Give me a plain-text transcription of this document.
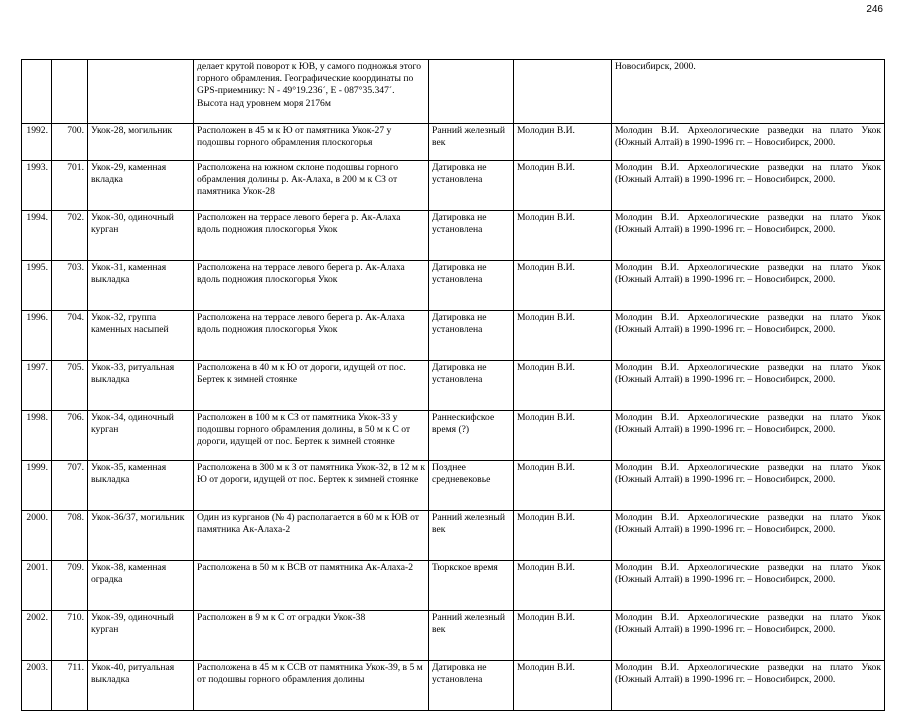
246
			делает крутой поворот к ЮВ, у самого подножья этого горного обрамления. Географические координаты по GPS-приемнику: N - 49°19.236´, E - 087°35.347´. Высота над уровнем моря 2176м			Новосибирск, 2000.
1992.	700.	Укок-28, могильник	Расположен в 45 м к Ю от памятника Укок-27 у подошвы горного обрамления плоскогорья	Ранний железный век	Молодин В.И.	Молодин В.И. Археологические разведки на плато Укок (Южный Алтай) в 1990-1996 гг. – Новосибирск, 2000.
1993.	701.	Укок-29, каменная вкладка	Расположена на южном склоне подошвы горного обрамления долины р. Ак-Алаха, в 200 м к СЗ от памятника Укок-28	Датировка не установлена	Молодин В.И.	Молодин В.И. Археологические разведки на плато Укок (Южный Алтай) в 1990-1996 гг. – Новосибирск, 2000.
1994.	702.	Укок-30, одиночный курган	Расположен на террасе левого берега р. Ак-Алаха вдоль подножия плоскогорья Укок	Датировка не установлена	Молодин В.И.	Молодин В.И. Археологические разведки на плато Укок (Южный Алтай) в 1990-1996 гг. – Новосибирск, 2000.
1995.	703.	Укок-31, каменная выкладка	Расположена на террасе левого берега р. Ак-Алаха вдоль подножия плоскогорья Укок	Датировка не установлена	Молодин В.И.	Молодин В.И. Археологические разведки на плато Укок (Южный Алтай) в 1990-1996 гг. – Новосибирск, 2000.
1996.	704.	Укок-32, группа каменных насыпей	Расположена на террасе левого берега р. Ак-Алаха вдоль подножия плоскогорья Укок	Датировка не установлена	Молодин В.И.	Молодин В.И. Археологические разведки на плато Укок (Южный Алтай) в 1990-1996 гг. – Новосибирск, 2000.
1997.	705.	Укок-33, ритуальная выкладка	Расположена в 40 м к Ю от дороги, идущей от пос. Бертек к зимней стоянке	Датировка не установлена	Молодин В.И.	Молодин В.И. Археологические разведки на плато Укок (Южный Алтай) в 1990-1996 гг. – Новосибирск, 2000.
1998.	706.	Укок-34, одиночный курган	Расположен в 100 м к СЗ от памятника Укок-33 у подошвы горного обрамления долины, в 50 м к С от дороги, идущей от пос. Бертек к зимней стоянке	Раннескифское время (?)	Молодин В.И.	Молодин В.И. Археологические разведки на плато Укок (Южный Алтай) в 1990-1996 гг. – Новосибирск, 2000.
1999.	707.	Укок-35, каменная выкладка	Расположена в 300 м к З от памятника Укок-32, в 12 м к Ю от дороги, идущей от пос. Бертек к зимней стоянке	Позднее средневековье	Молодин В.И.	Молодин В.И. Археологические разведки на плато Укок (Южный Алтай) в 1990-1996 гг. – Новосибирск, 2000.
2000.	708.	Укок-36/37, могильник	Один из курганов (№ 4) располагается в 60 м к ЮВ от памятника Ак-Алаха-2	Ранний железный век	Молодин В.И.	Молодин В.И. Археологические разведки на плато Укок (Южный Алтай) в 1990-1996 гг. – Новосибирск, 2000.
2001.	709.	Укок-38, каменная оградка	Расположена в 50 м к ВСВ от памятника Ак-Алаха-2	Тюркское время	Молодин В.И.	Молодин В.И. Археологические разведки на плато Укок (Южный Алтай) в 1990-1996 гг. – Новосибирск, 2000.
2002.	710.	Укок-39, одиночный курган	Расположен в 9 м к С от оградки Укок-38	Ранний железный век	Молодин В.И.	Молодин В.И. Археологические разведки на плато Укок (Южный Алтай) в 1990-1996 гг. – Новосибирск, 2000.
2003.	711.	Укок-40, ритуальная выкладка	Расположена в 45 м к ССВ от памятника Укок-39, в 5 м от подошвы горного обрамления долины	Датировка не установлена	Молодин В.И.	Молодин В.И. Археологические разведки на плато Укок (Южный Алтай) в 1990-1996 гг. – Новосибирск, 2000.
